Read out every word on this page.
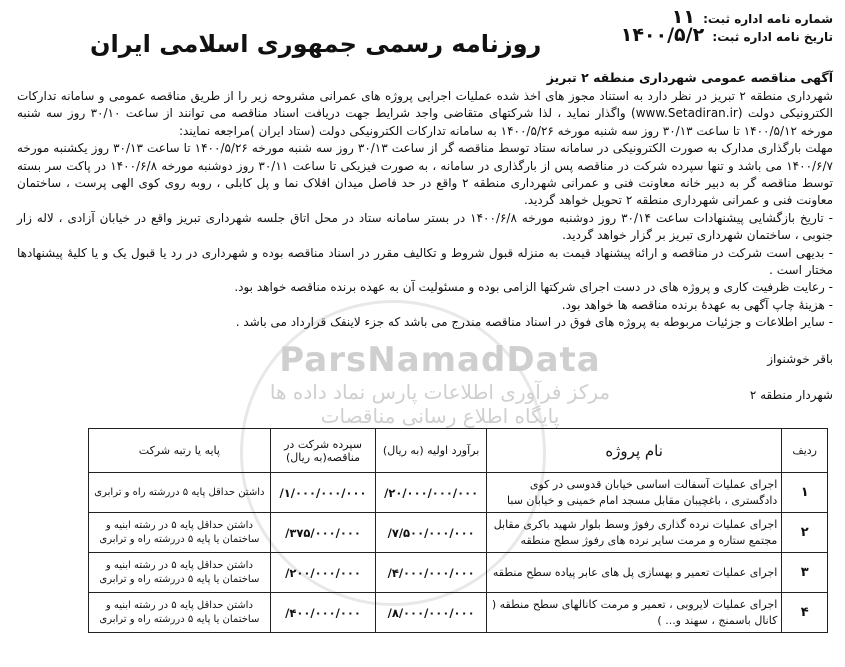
شماره نامه اداره ثبت: ۱۱
تاریخ نامه اداره ثبت: ۱۴۰۰/۵/۲
روزنامه رسمی جمهوری اسلامی ایران
ParsNamadData
مرکز فرآوری اطلاعات پارس نماد داده ها
پایگاه اطلاع رسانی مناقصات
آگهی مناقصه عمومی شهرداری منطقه ۲ تبریز

شهرداری منطقه ۲ تبریز در نظر دارد به استناد مجوز های اخذ شده عملیات اجرایی پروژه های عمرانی مشروحه زیر را از طریق مناقصه عمومی و سامانه تدارکات الکترونیکی دولت (www.Setadiran.ir) واگذار نماید ، لذا شرکتهای متقاضی واجد شرایط جهت دریافت اسناد مناقصه می توانند از ساعت ۳۰/۱۰ روز سه شنبه مورخه ۱۴۰۰/۵/۱۲ تا ساعت ۳۰/۱۳ روز سه شنبه مورخه ۱۴۰۰/۵/۲۶ به سامانه تدارکات الکترونیکی دولت (ستاد ایران )مراجعه نمایند:

مهلت بارگذاری مدارک به صورت الکترونیکی در سامانه ستاد توسط مناقصه گر از ساعت ۳۰/۱۳ روز سه شنبه مورخه ۱۴۰۰/۵/۲۶ تا ساعت ۳۰/۱۳ روز یکشنبه مورخه ۱۴۰۰/۶/۷ می باشد و تنها سپرده شرکت در مناقصه پس از بارگذاری در سامانه ، به صورت فیزیکی تا ساعت ۳۰/۱۱ روز دوشنبه مورخه ۱۴۰۰/۶/۸ در پاکت سر بسته توسط مناقصه گر به دبیر خانه معاونت فنی و عمرانی شهرداری منطقه ۲ واقع در حد فاصل میدان افلاک نما و پل کابلی ، روبه روی کوی الهی پرست ، ساختمان معاونت فنی و عمرانی شهرداری منطقه ۲ تحویل خواهد گردید.

- تاریخ بازگشایی پیشنهادات ساعت ۳۰/۱۴ روز دوشنبه مورخه ۱۴۰۰/۶/۸ در بستر سامانه ستاد در محل اتاق جلسه شهرداری تبریز واقع در خیابان آزادی ، لاله زار جنوبی ، ساختمان شهرداری تبریز بر گزار خواهد گردید.

- بدیهی است شرکت در مناقصه و ارائه پیشنهاد قیمت به منزله قبول شروط و تکالیف مقرر در اسناد مناقصه بوده و شهرداری در رد یا قبول یک و یا کلیهٔ پیشنهادها مختار است .

- رعایت ظرفیت کاری و پروژه های در دست اجرای شرکتها الزامی بوده و مسئولیت آن به عهده برنده مناقصه خواهد بود.

- هزینهٔ چاپ آگهی به عهدهٔ برنده مناقصه ها خواهد بود.

- سایر اطلاعات و جزئیات مربوطه به پروژه های فوق در اسناد مناقصه مندرج می باشد که جزء لاینفک قرارداد می باشد .

باقر خوشنواز
شهردار منطقه ۲
ردیف	نام پروژه	برآورد اولیه (به ریال)	سپرده شرکت در مناقصه(به ریال)	پایه یا رتبه شرکت
۱	اجرای عملیات آسفالت اساسی خیابان قدوسی در کوی دادگستری ، باغچیبان مقابل مسجد امام خمینی و خیابان سبا	۲۰/۰۰۰/۰۰۰/۰۰۰/	۱/۰۰۰/۰۰۰/۰۰۰/	داشتن حداقل پایه ۵ دررشته راه و ترابری
۲	اجرای عملیات نرده گذاری رفوژ وسط بلوار شهید باکری مقابل مجتمع ستاره و مرمت سایر نرده های رفوژ سطح منطقه	۷/۵۰۰/۰۰۰/۰۰۰/	۳۷۵/۰۰۰/۰۰۰/	داشتن حداقل پایه ۵ در رشته ابنیه و ساختمان یا پایه ۵ دررشته راه و ترابری
۳	اجرای عملیات تعمیر و بهسازی پل های عابر پیاده سطح منطقه	۴/۰۰۰/۰۰۰/۰۰۰/	۲۰۰/۰۰۰/۰۰۰/	داشتن حداقل پایه ۵ در رشته ابنیه و ساختمان یا پایه ۵ دررشته راه و ترابری
۴	اجرای عملیات لایروبی ، تعمیر و مرمت کانالهای سطح منطقه ( کانال باسمنج ، سهند و... )	۸/۰۰۰/۰۰۰/۰۰۰/	۴۰۰/۰۰۰/۰۰۰/	داشتن حداقل پایه ۵ در رشته ابنیه و ساختمان یا پایه ۵ دررشته راه و ترابری
